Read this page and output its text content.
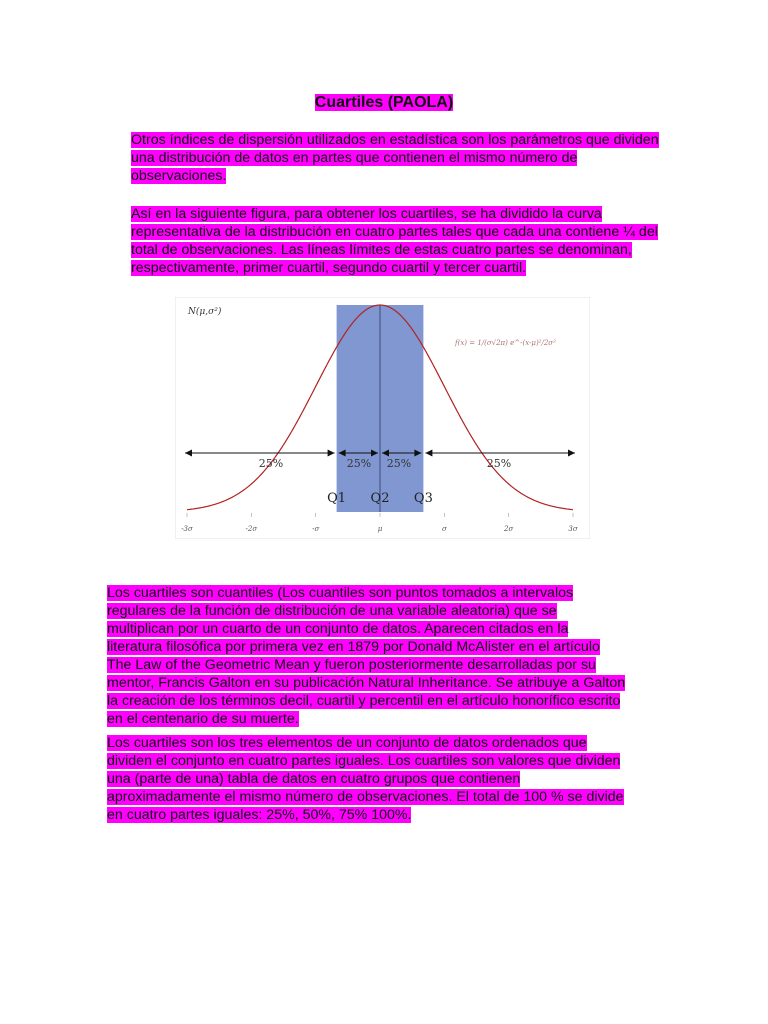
Cuartiles (PAOLA)

Otros índices de dispersión utilizados en estadística son los parámetros que dividen una distribución de datos en partes que contienen el mismo número de observaciones.

Así en la siguiente figura, para obtener los cuartiles, se ha dividido la curva representativa de la distribución en cuatro partes tales que cada una contiene ¼ del total de observaciones. Las líneas límites de estas cuatro partes se denominan, respectivamente, primer cuartil, segundo cuartil y tercer cuartil.

N(μ,σ²)
f(x) = 1/(σ√2π) e^-(x-μ)²/2σ²
25%	25% 25%	25%
Q1 Q2 Q3
-3σ	-2σ	-σ	μ	σ	2σ	3σ

Los cuartiles son cuantiles (Los cuantiles son puntos tomados a intervalos regulares de la función de distribución de una variable aleatoria) que se multiplican por un cuarto de un conjunto de datos. Aparecen citados en la literatura filosófica por primera vez en 1879 por Donald McAlister en el artículo The Law of the Geometric Mean y fueron posteriormente desarrolladas por su mentor, Francis Galton en su publicación Natural Inheritance. Se atribuye a Galton la creación de los términos decil, cuartil y percentil en el artículo honorífico escrito en el centenario de su muerte.

Los cuartiles son los tres elementos de un conjunto de datos ordenados que dividen el conjunto en cuatro partes iguales. Los cuartiles son valores que dividen una (parte de una) tabla de datos en cuatro grupos que contienen aproximadamente el mismo número de observaciones. El total de 100 % se divide en cuatro partes iguales: 25%, 50%, 75% 100%.
